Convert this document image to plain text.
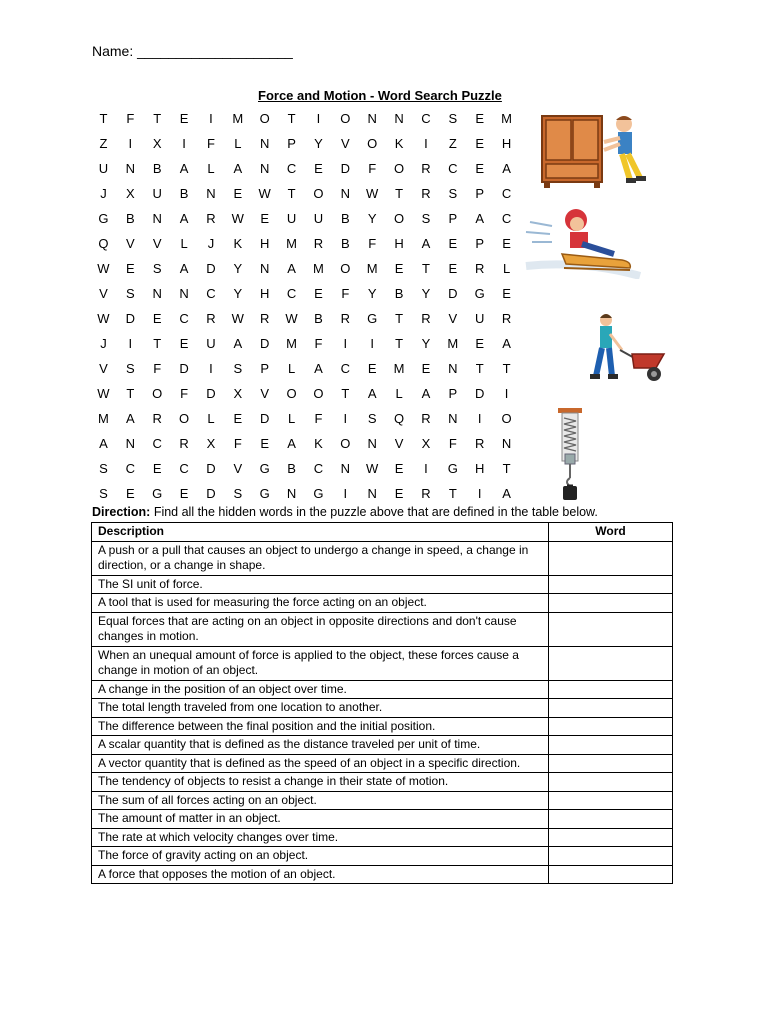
Name: ____________________
Force and Motion - Word Search Puzzle
T	F	T	E	I	M	O	T	I	O	N	N	C	S	E	M
Z	I	X	I	F	L	N	P	Y	V	O	K	I	Z	E	H
U	N	B	A	L	A	N	C	E	D	F	O	R	C	E	A
J	X	U	B	N	E	W	T	O	N	W	T	R	S	P	C
G	B	N	A	R	W	E	U	U	B	Y	O	S	P	A	C
Q	V	V	L	J	K	H	M	R	B	F	H	A	E	P	E
W	E	S	A	D	Y	N	A	M	O	M	E	T	E	R	L
V	S	N	N	C	Y	H	C	E	F	Y	B	Y	D	G	E
W	D	E	C	R	W	R	W	B	R	G	T	R	V	U	R
J	I	T	E	U	A	D	M	F	I	I	T	Y	M	E	A
V	S	F	D	I	S	P	L	A	C	E	M	E	N	T	T
W	T	O	F	D	X	V	O	O	T	A	L	A	P	D	I
M	A	R	O	L	E	D	L	F	I	S	Q	R	N	I	O
A	N	C	R	X	F	E	A	K	O	N	V	X	F	R	N
S	C	E	C	D	V	G	B	C	N	W	E	I	G	H	T
S	E	G	E	D	S	G	N	G	I	N	E	R	T	I	A
Direction: Find all the hidden words in the puzzle above that are defined in the table below.
Description	Word
A push or a pull that causes an object to undergo a change in speed, a change in direction, or a change in shape.	
The SI unit of force.	
A tool that is used for measuring the force acting on an object.	
Equal forces that are acting on an object in opposite directions and don't cause changes in motion.	
When an unequal amount of force is applied to the object, these forces cause a change in motion of an object.	
A change in the position of an object over time.	
The total length traveled from one location to another.	
The difference between the final position and the initial position.	
A scalar quantity that is defined as the distance traveled per unit of time.	
A vector quantity that is defined as the speed of an object in a specific direction.	
The tendency of objects to resist a change in their state of motion.	
The sum of all forces acting on an object.	
The amount of matter in an object.	
The rate at which velocity changes over time.	
The force of gravity acting on an object.	
A force that opposes the motion of an object.	
